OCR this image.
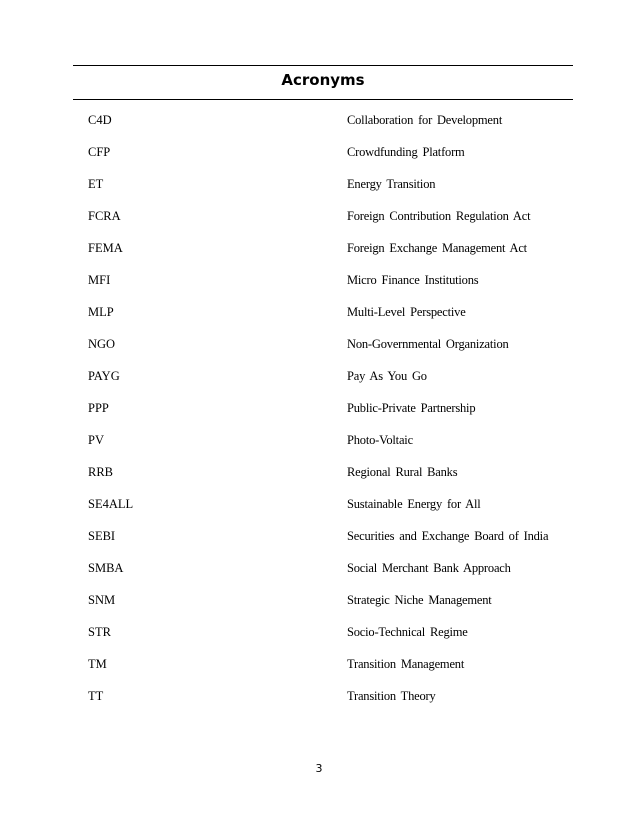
Acronyms
C4D	Collaboration for Development
CFP	Crowdfunding Platform
ET	Energy Transition
FCRA	Foreign Contribution Regulation Act
FEMA	Foreign Exchange Management Act
MFI	Micro Finance Institutions
MLP	Multi-Level Perspective
NGO	Non-Governmental Organization
PAYG	Pay As You Go
PPP	Public-Private Partnership
PV	Photo-Voltaic
RRB	Regional Rural Banks
SE4ALL	Sustainable Energy for All
SEBI	Securities and Exchange Board of India
SMBA	Social Merchant Bank Approach
SNM	Strategic Niche Management
STR	Socio-Technical Regime
TM	Transition Management
TT	Transition Theory
3
